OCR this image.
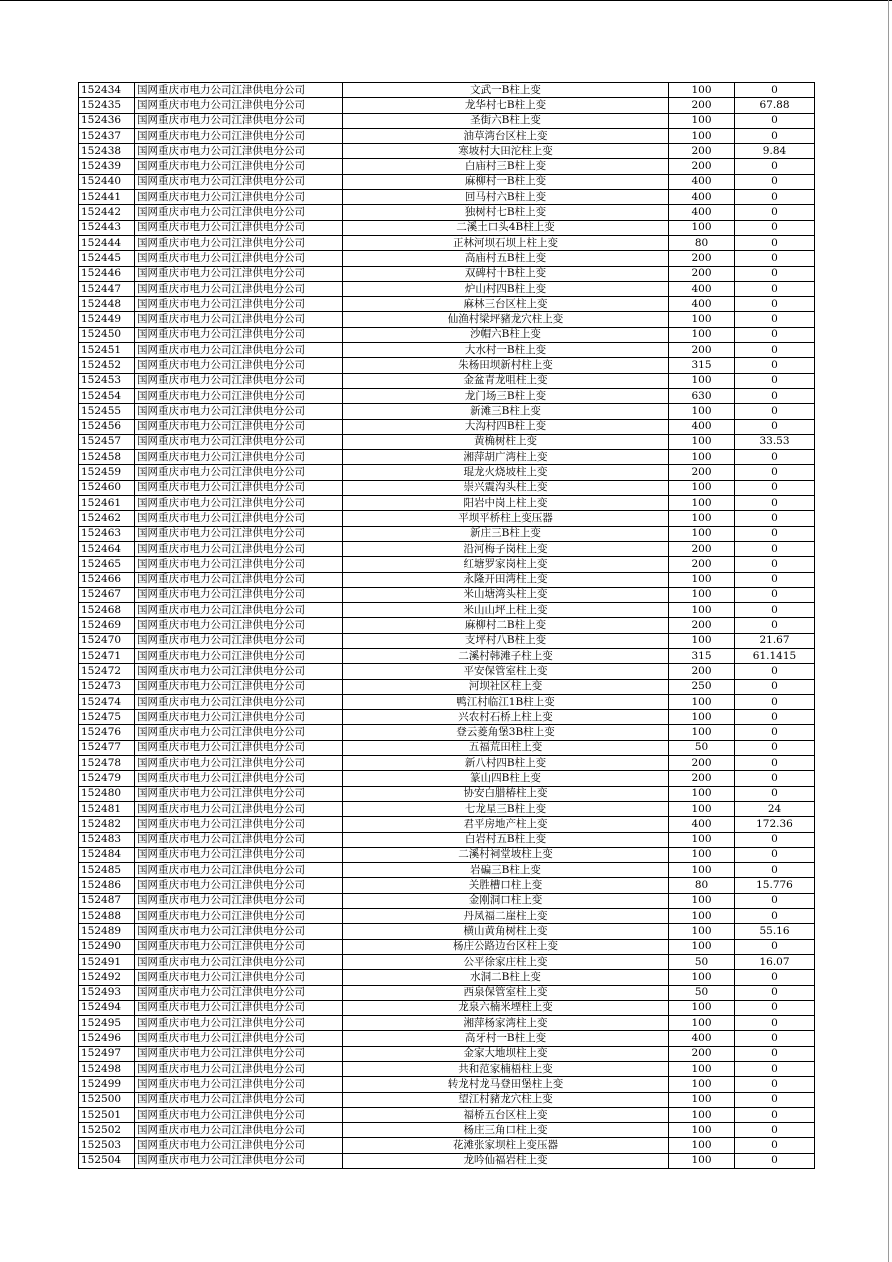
152434	国网重庆市电力公司江津供电分公司	文武一B柱上变	100	0
152435	国网重庆市电力公司江津供电分公司	龙华村七B柱上变	200	67.88
152436	国网重庆市电力公司江津供电分公司	圣街六B柱上变	100	0
152437	国网重庆市电力公司江津供电分公司	油草湾台区柱上变	100	0
152438	国网重庆市电力公司江津供电分公司	寒坡村大田沱柱上变	200	9.84
152439	国网重庆市电力公司江津供电分公司	白庙村三B柱上变	200	0
152440	国网重庆市电力公司江津供电分公司	麻柳村一B柱上变	400	0
152441	国网重庆市电力公司江津供电分公司	回马村六B柱上变	400	0
152442	国网重庆市电力公司江津供电分公司	独树村七B柱上变	400	0
152443	国网重庆市电力公司江津供电分公司	二溪土口头4B柱上变	100	0
152444	国网重庆市电力公司江津供电分公司	正林河坝石坝上柱上变	80	0
152445	国网重庆市电力公司江津供电分公司	高庙村五B柱上变	200	0
152446	国网重庆市电力公司江津供电分公司	双碑村十B柱上变	200	0
152447	国网重庆市电力公司江津供电分公司	炉山村四B柱上变	400	0
152448	国网重庆市电力公司江津供电分公司	麻林三台区柱上变	400	0
152449	国网重庆市电力公司江津供电分公司	仙渔村梁坪豬龙穴柱上变	100	0
152450	国网重庆市电力公司江津供电分公司	沙帽六B柱上变	100	0
152451	国网重庆市电力公司江津供电分公司	大水村一B柱上变	200	0
152452	国网重庆市电力公司江津供电分公司	朱杨田坝新村柱上变	315	0
152453	国网重庆市电力公司江津供电分公司	金盆青龙咀柱上变	100	0
152454	国网重庆市电力公司江津供电分公司	龙门场三B柱上变	630	0
152455	国网重庆市电力公司江津供电分公司	新滩三B柱上变	100	0
152456	国网重庆市电力公司江津供电分公司	大沟村四B柱上变	400	0
152457	国网重庆市电力公司江津供电分公司	黄桷树柱上变	100	33.53
152458	国网重庆市电力公司江津供电分公司	湘萍胡广湾柱上变	100	0
152459	国网重庆市电力公司江津供电分公司	琨龙火烧坡柱上变	200	0
152460	国网重庆市电力公司江津供电分公司	崇兴震沟头柱上变	100	0
152461	国网重庆市电力公司江津供电分公司	阳岩中岗上柱上变	100	0
152462	国网重庆市电力公司江津供电分公司	平坝平桥柱上变压器	100	0
152463	国网重庆市电力公司江津供电分公司	新庄三B柱上变	100	0
152464	国网重庆市电力公司江津供电分公司	沿河梅子岗柱上变	200	0
152465	国网重庆市电力公司江津供电分公司	红塘罗家岗柱上变	200	0
152466	国网重庆市电力公司江津供电分公司	永隆开田湾柱上变	100	0
152467	国网重庆市电力公司江津供电分公司	米山塘湾头柱上变	100	0
152468	国网重庆市电力公司江津供电分公司	米山山坪上柱上变	100	0
152469	国网重庆市电力公司江津供电分公司	麻柳村二B柱上变	200	0
152470	国网重庆市电力公司江津供电分公司	支坪村八B柱上变	100	21.67
152471	国网重庆市电力公司江津供电分公司	二溪村韩滩子柱上变	315	61.1415
152472	国网重庆市电力公司江津供电分公司	平安保管室柱上变	200	0
152473	国网重庆市电力公司江津供电分公司	河坝社区柱上变	250	0
152474	国网重庆市电力公司江津供电分公司	鸭江村临江1B柱上变	100	0
152475	国网重庆市电力公司江津供电分公司	兴农村石桥上柱上变	100	0
152476	国网重庆市电力公司江津供电分公司	登云菱角堡3B柱上变	100	0
152477	国网重庆市电力公司江津供电分公司	五福荒田柱上变	50	0
152478	国网重庆市电力公司江津供电分公司	新八村四B柱上变	200	0
152479	国网重庆市电力公司江津供电分公司	篆山四B柱上变	200	0
152480	国网重庆市电力公司江津供电分公司	协安白腊椿柱上变	100	0
152481	国网重庆市电力公司江津供电分公司	七龙星三B柱上变	100	24
152482	国网重庆市电力公司江津供电分公司	君平房地产柱上变	400	172.36
152483	国网重庆市电力公司江津供电分公司	白岩村五B柱上变	100	0
152484	国网重庆市电力公司江津供电分公司	二溪村祠堂坡柱上变	100	0
152485	国网重庆市电力公司江津供电分公司	岩碥三B柱上变	100	0
152486	国网重庆市电力公司江津供电分公司	关胜槽口柱上变	80	15.776
152487	国网重庆市电力公司江津供电分公司	金刚洞口柱上变	100	0
152488	国网重庆市电力公司江津供电分公司	丹凤福二崖柱上变	100	0
152489	国网重庆市电力公司江津供电分公司	横山黄角树柱上变	100	55.16
152490	国网重庆市电力公司江津供电分公司	杨庄公路边台区柱上变	100	0
152491	国网重庆市电力公司江津供电分公司	公平徐家庄柱上变	50	16.07
152492	国网重庆市电力公司江津供电分公司	水洞二B柱上变	100	0
152493	国网重庆市电力公司江津供电分公司	西泉保管室柱上变	50	0
152494	国网重庆市电力公司江津供电分公司	龙泉六楠米堙柱上变	100	0
152495	国网重庆市电力公司江津供电分公司	湘萍杨家湾柱上变	100	0
152496	国网重庆市电力公司江津供电分公司	高牙村一B柱上变	400	0
152497	国网重庆市电力公司江津供电分公司	金家大地坝柱上变	200	0
152498	国网重庆市电力公司江津供电分公司	共和范家楠梧柱上变	100	0
152499	国网重庆市电力公司江津供电分公司	转龙村龙马登田堡柱上变	100	0
152500	国网重庆市电力公司江津供电分公司	望江村豬龙穴柱上变	100	0
152501	国网重庆市电力公司江津供电分公司	福桥五台区柱上变	100	0
152502	国网重庆市电力公司江津供电分公司	杨庄三角口柱上变	100	0
152503	国网重庆市电力公司江津供电分公司	花滩张家坝柱上变压器	100	0
152504	国网重庆市电力公司江津供电分公司	龙吟仙福岩柱上变	100	0
